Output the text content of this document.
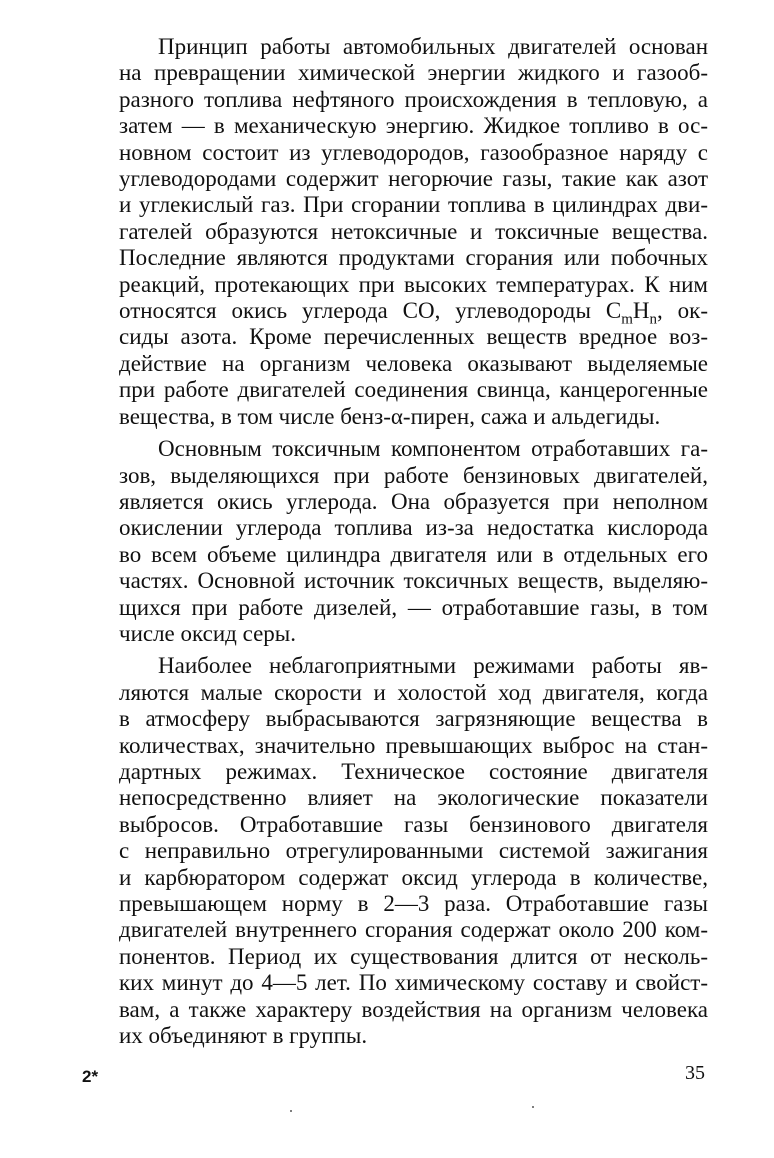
Принцип работы автомобильных двигателей основан
на превращении химической энергии жидкого и газооб-
разного топлива нефтяного происхождения в тепловую, а
затем — в механическую энергию. Жидкое топливо в ос-
новном состоит из углеводородов, газообразное наряду с
углеводородами содержит негорючие газы, такие как азот
и углекислый газ. При сгорании топлива в цилиндрах дви-
гателей образуются нетоксичные и токсичные вещества.
Последние являются продуктами сгорания или побочных
реакций, протекающих при высоких температурах. К ним
относятся окись углерода CO, углеводороды $C_mH_n$, ок-
сиды азота. Кроме перечисленных веществ вредное воз-
действие на организм человека оказывают выделяемые
при работе двигателей соединения свинца, канцерогенные
вещества, в том числе бенз-α-пирен, сажа и альдегиды.
Основным токсичным компонентом отработавших га-
зов, выделяющихся при работе бензиновых двигателей,
является окись углерода. Она образуется при неполном
окислении углерода топлива из-за недостатка кислорода
во всем объеме цилиндра двигателя или в отдельных его
частях. Основной источник токсичных веществ, выделяю-
щихся при работе дизелей, — отработавшие газы, в том
числе оксид серы.
Наиболее неблагоприятными режимами работы яв-
ляются малые скорости и холостой ход двигателя, когда
в атмосферу выбрасываются загрязняющие вещества в
количествах, значительно превышающих выброс на стан-
дартных режимах. Техническое состояние двигателя
непосредственно влияет на экологические показатели
выбросов. Отработавшие газы бензинового двигателя
с неправильно отрегулированными системой зажигания
и карбюратором содержат оксид углерода в количестве,
превышающем норму в 2—3 раза. Отработавшие газы
двигателей внутреннего сгорания содержат около 200 ком-
понентов. Период их существования длится от несколь-
ких минут до 4—5 лет. По химическому составу и свойст-
вам, а также характеру воздействия на организм человека
их объединяют в группы.
2*	35
